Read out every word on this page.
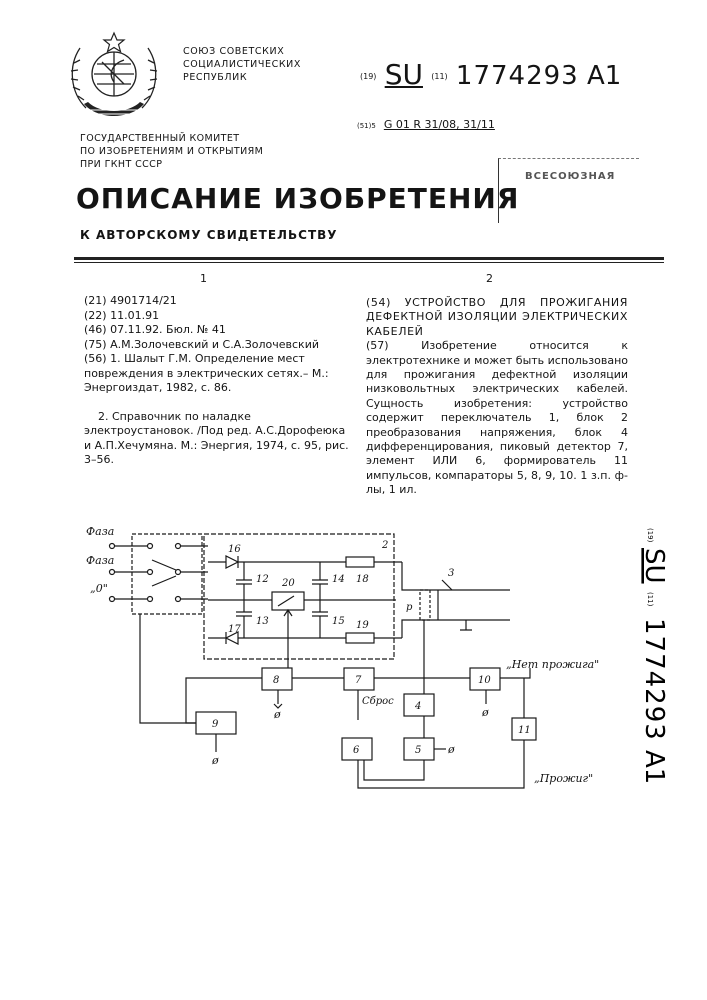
СОЮЗ СОВЕТСКИХ
СОЦИАЛИСТИЧЕСКИХ
РЕСПУБЛИК	(19) SU (11) 1774293 A1
(51)5 G 01 R 31/08, 31/11
ГОСУДАРСТВЕННЫЙ КОМИТЕТ
ПО ИЗОБРЕТЕНИЯМ И ОТКРЫТИЯМ
ПРИ ГКНТ СССР
ВСЕСОЮЗНАЯ
ОПИСАНИЕ ИЗОБРЕТЕНИЯ
К АВТОРСКОМУ СВИДЕТЕЛЬСТВУ
1	2

(21) 4901714/21

(22) 11.01.91

(46) 07.11.92. Бюл. № 41

(75) А.М.Золочевский и С.А.Золочевский

(56) 1. Шалыт Г.М. Определение мест повреждения в электрических сетях.– М.: Энергоиздат, 1982, с. 86.

2. Справочник по наладке электроустановок. /Под ред. А.С.Дорофеюка и А.П.Хечумяна. М.: Энергия, 1974, с. 95, рис. 3–56.

(54) УСТРОЙСТВО ДЛЯ ПРОЖИГАНИЯ ДЕФЕКТНОЙ ИЗОЛЯЦИИ ЭЛЕКТРИЧЕСКИХ КАБЕЛЕЙ

(57) Изобретение относится к электротехнике и может быть использовано для прожигания дефектной изоляции низковольтных электрических кабелей. Сущность изобретения: устройство содержит переключатель 1, блок 2 преобразования напряжения, блок 4 дифференцирования, пиковый детектор 7, элемент ИЛИ 6, формирователь 11 импульсов, компараторы 5, 8, 9, 10. 1 з.п. ф-лы, 1 ил.

(19)
SU
(11)
1774293
A1
Фаза
Фаза
„0"
2
16
18
12
13
14
15
20
17	19
р
3
8	7
4
5
10
11
6
9
Сброс
ø
ø
ø
ø
„Нет прожига"
„Прожиг"
